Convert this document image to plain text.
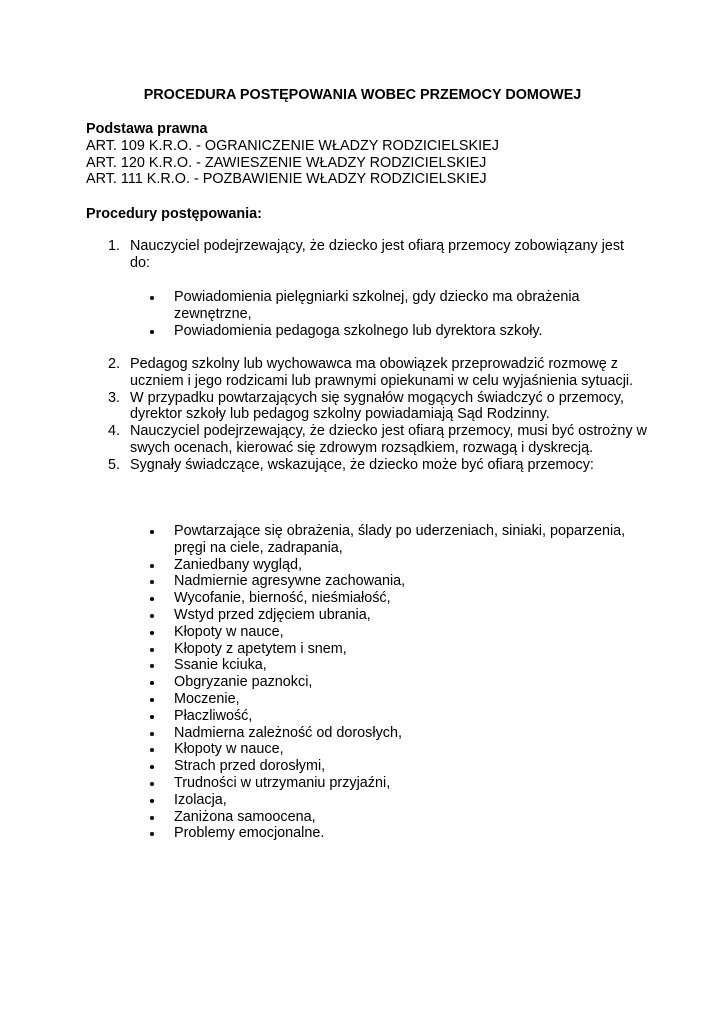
PROCEDURA POSTĘPOWANIA WOBEC PRZEMOCY DOMOWEJ
Podstawa prawna
ART. 109 K.R.O. - OGRANICZENIE WŁADZY RODZICIELSKIEJ
ART. 120 K.R.O. - ZAWIESZENIE WŁADZY RODZICIELSKIEJ
ART. 111 K.R.O. - POZBAWIENIE WŁADZY RODZICIELSKIEJ
Procedury postępowania:
1. Nauczyciel podejrzewający, że dziecko jest ofiarą przemocy zobowiązany jest do:
Powiadomienia pielęgniarki szkolnej, gdy dziecko ma obrażenia zewnętrzne,
Powiadomienia pedagoga szkolnego lub dyrektora szkoły.
2. Pedagog szkolny lub wychowawca ma obowiązek przeprowadzić rozmowę z uczniem i jego rodzicami lub prawnymi opiekunami w celu wyjaśnienia sytuacji.
3. W przypadku powtarzających się sygnałów mogących świadczyć o przemocy, dyrektor szkoły lub pedagog szkolny powiadamiają Sąd Rodzinny.
4. Nauczyciel podejrzewający, że dziecko jest ofiarą przemocy, musi być ostrożny w swych ocenach, kierować się zdrowym rozsądkiem, rozwagą i dyskrecją.
5. Sygnały świadczące, wskazujące, że dziecko może być ofiarą przemocy:
Powtarzające się obrażenia, ślady po uderzeniach, siniaki, poparzenia, pręgi na ciele, zadrapania,
Zaniedbany wygląd,
Nadmiernie agresywne zachowania,
Wycofanie, bierność, nieśmiałość,
Wstyd przed zdjęciem ubrania,
Kłopoty w nauce,
Kłopoty z apetytem i snem,
Ssanie kciuka,
Obgryzanie paznokci,
Moczenie,
Płaczliwość,
Nadmierna zależność od dorosłych,
Kłopoty w nauce,
Strach przed dorosłymi,
Trudności w utrzymaniu przyjaźni,
Izolacja,
Zaniżona samoocena,
Problemy emocjonalne.
